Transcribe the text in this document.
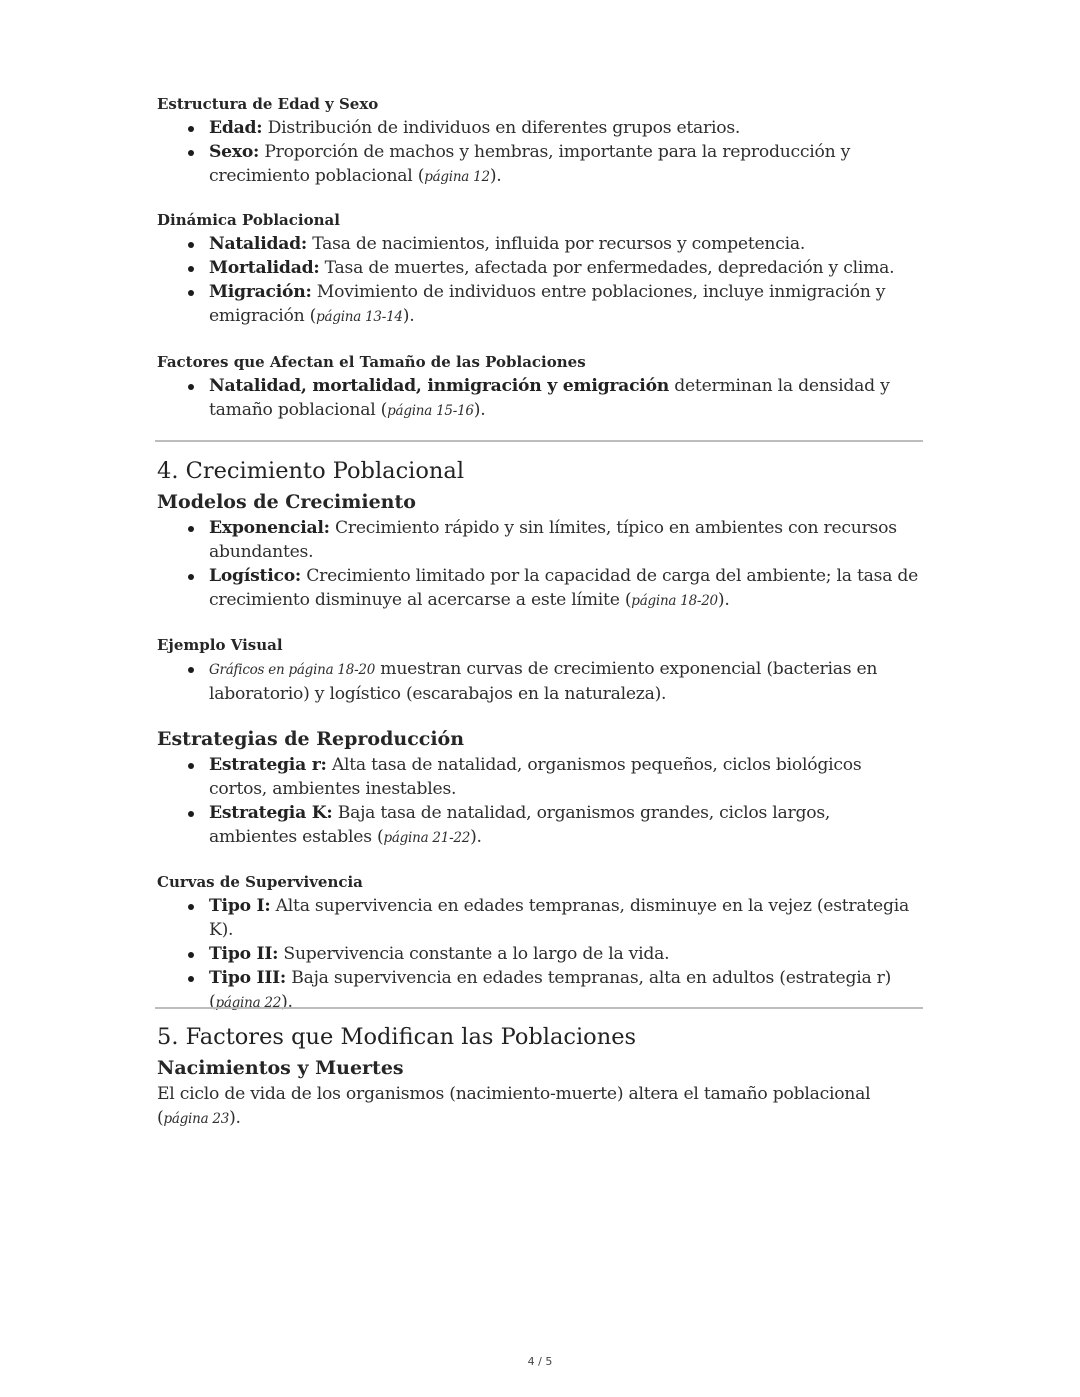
Estructura de Edad y Sexo
Edad: Distribución de individuos en diferentes grupos etarios.
Sexo: Proporción de machos y hembras, importante para la reproducción y crecimiento poblacional (página 12).
Dinámica Poblacional
Natalidad: Tasa de nacimientos, influida por recursos y competencia.
Mortalidad: Tasa de muertes, afectada por enfermedades, depredación y clima.
Migración: Movimiento de individuos entre poblaciones, incluye inmigración y emigración (página 13-14).
Factores que Afectan el Tamaño de las Poblaciones
Natalidad, mortalidad, inmigración y emigración determinan la densidad y tamaño poblacional (página 15-16).
4. Crecimiento Poblacional
Modelos de Crecimiento
Exponencial: Crecimiento rápido y sin límites, típico en ambientes con recursos abundantes.
Logístico: Crecimiento limitado por la capacidad de carga del ambiente; la tasa de crecimiento disminuye al acercarse a este límite (página 18-20).
Ejemplo Visual
Gráficos en página 18-20 muestran curvas de crecimiento exponencial (bacterias en laboratorio) y logístico (escarabajos en la naturaleza).
Estrategias de Reproducción
Estrategia r: Alta tasa de natalidad, organismos pequeños, ciclos biológicos cortos, ambientes inestables.
Estrategia K: Baja tasa de natalidad, organismos grandes, ciclos largos, ambientes estables (página 21-22).
Curvas de Supervivencia
Tipo I: Alta supervivencia en edades tempranas, disminuye en la vejez (estrategia K).
Tipo II: Supervivencia constante a lo largo de la vida.
Tipo III: Baja supervivencia en edades tempranas, alta en adultos (estrategia r) (página 22).
5. Factores que Modifican las Poblaciones
Nacimientos y Muertes

El ciclo de vida de los organismos (nacimiento-muerte) altera el tamaño poblacional (página 23).

4 / 5
